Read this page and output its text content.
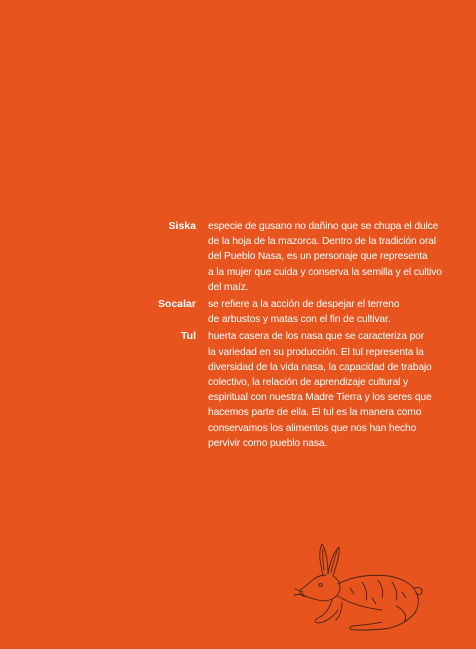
Siska	especie de gusano no dañino que se chupa el dulce
de la hoja de la mazorca. Dentro de la tradición oral
del Pueblo Nasa, es un personaje que representa
a la mujer que cuida y conserva la semilla y el cultivo
del maíz.
Socalar	se refiere a la acción de despejar el terreno
de arbustos y matas con el fin de cultivar.
Tul	huerta casera de los nasa que se caracteriza por
la variedad en su producción. El tul representa la
diversidad de la vida nasa, la capacidad de trabajo
colectivo, la relación de aprendizaje cultural y
espiritual con nuestra Madre Tierra y los seres que
hacemos parte de ella. El tul es la manera como
conservamos los alimentos que nos han hecho
pervivir como pueblo nasa.
